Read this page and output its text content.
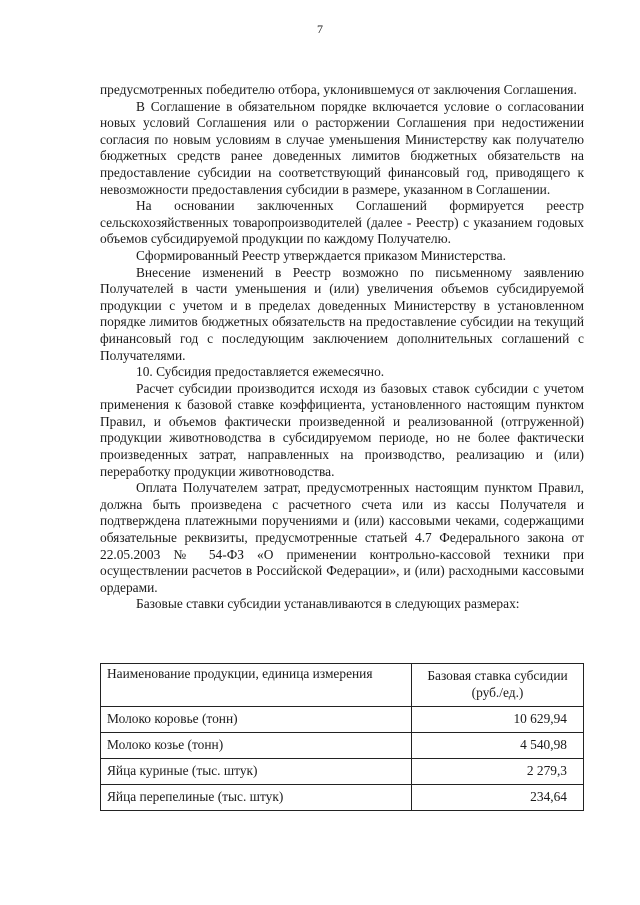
7

предусмотренных победителю отбора, уклонившемуся от заключения Соглашения.

В Соглашение в обязательном порядке включается условие о согласовании новых условий Соглашения или о расторжении Соглашения при недостижении согласия по новым условиям в случае уменьшения Министерству как получателю бюджетных средств ранее доведенных лимитов бюджетных обязательств на предоставление субсидии на соответствующий финансовый год, приводящего к невозможности предоставления субсидии в размере, указанном в Соглашении.

На основании заключенных Соглашений формируется реестр сельскохозяйственных товаропроизводителей (далее - Реестр) с указанием годовых объемов субсидируемой продукции по каждому Получателю.

Сформированный Реестр утверждается приказом Министерства.

Внесение изменений в Реестр возможно по письменному заявлению Получателей в части уменьшения и (или) увеличения объемов субсидируемой продукции с учетом и в пределах доведенных Министерству в установленном порядке лимитов бюджетных обязательств на предоставление субсидии на текущий финансовый год с последующим заключением дополнительных соглашений с Получателями.

10. Субсидия предоставляется ежемесячно.

Расчет субсидии производится исходя из базовых ставок субсидии с учетом применения к базовой ставке коэффициента, установленного настоящим пунктом Правил, и объемов фактически произведенной и реализованной (отгруженной) продукции животноводства в субсидируемом периоде, но не более фактически произведенных затрат, направленных на производство, реализацию и (или) переработку продукции животноводства.

Оплата Получателем затрат, предусмотренных настоящим пунктом Правил, должна быть произведена с расчетного счета или из кассы Получателя и подтверждена платежными поручениями и (или) кассовыми чеками, содержащими обязательные реквизиты, предусмотренные статьей 4.7 Федерального закона от 22.05.2003 № 54-ФЗ «О применении контрольно-кассовой техники при осуществлении расчетов в Российской Федерации», и (или) расходными кассовыми ордерами.

Базовые ставки субсидии устанавливаются в следующих размерах:

Наименование продукции, единица измерения	Базовая ставка субсидии (руб./ед.)
Молоко коровье (тонн)	10 629,94
Молоко козье (тонн)	4 540,98
Яйца куриные (тыс. штук)	2 279,3
Яйца перепелиные (тыс. штук)	234,64
